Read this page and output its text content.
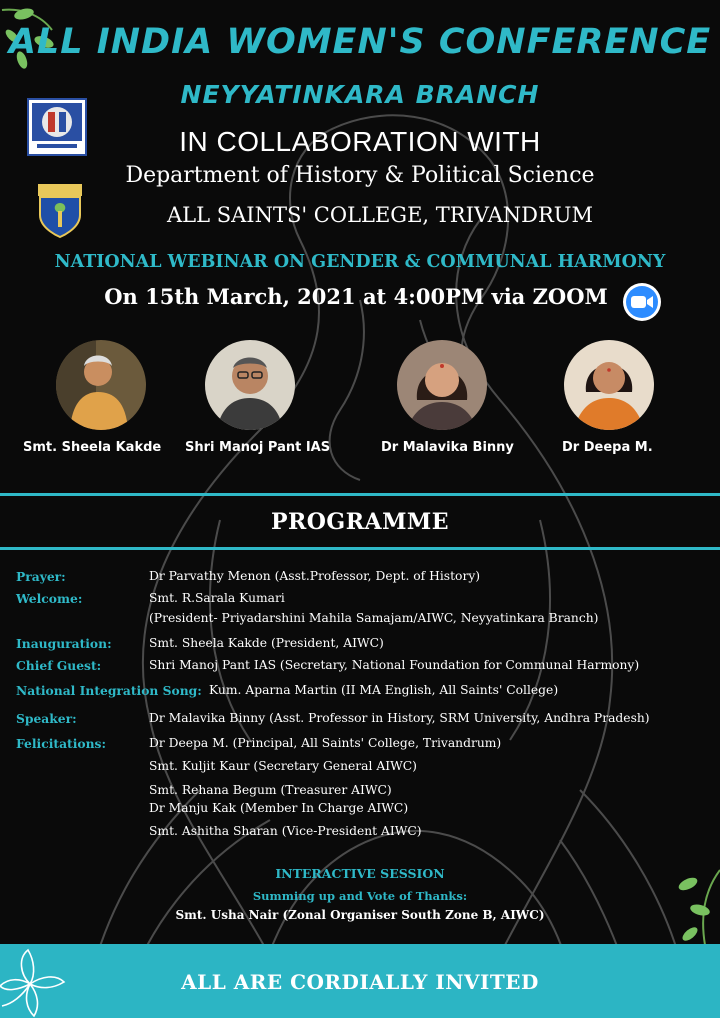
ALL INDIA WOMEN'S CONFERENCE
NEYYATINKARA BRANCH
IN COLLABORATION WITH
Department of History & Political Science
ALL SAINTS' COLLEGE, TRIVANDRUM
NATIONAL WEBINAR ON GENDER & COMMUNAL HARMONY
On 15th March, 2021 at 4:00PM via ZOOM
Smt. Sheela Kakde Shri Manoj Pant IAS	Dr Malavika Binny	Dr Deepa M.
PROGRAMME
Prayer:	Dr Parvathy Menon (Asst.Professor, Dept. of History)
Welcome:	Smt. R.Sarala Kumari
(President- Priyadarshini Mahila Samajam/AIWC, Neyyatinkara Branch)
Inauguration:	Smt. Sheela Kakde (President, AIWC)
Chief Guest:	Shri Manoj Pant IAS (Secretary, National Foundation for Communal Harmony)
National Integration Song: Kum. Aparna Martin (II MA English, All Saints' College)
Speaker:	Dr Malavika Binny (Asst. Professor in History, SRM University, Andhra Pradesh)
Felicitations:	Dr Deepa M. (Principal, All Saints' College, Trivandrum)
Smt. Kuljit Kaur (Secretary General AIWC)
Smt. Rehana Begum (Treasurer AIWC)
Dr Manju Kak (Member In Charge AIWC)
Smt. Ashitha Sharan (Vice-President AIWC)
INTERACTIVE SESSION
Summing up and Vote of Thanks:
Smt. Usha Nair (Zonal Organiser South Zone B, AIWC)
ALL ARE CORDIALLY INVITED
